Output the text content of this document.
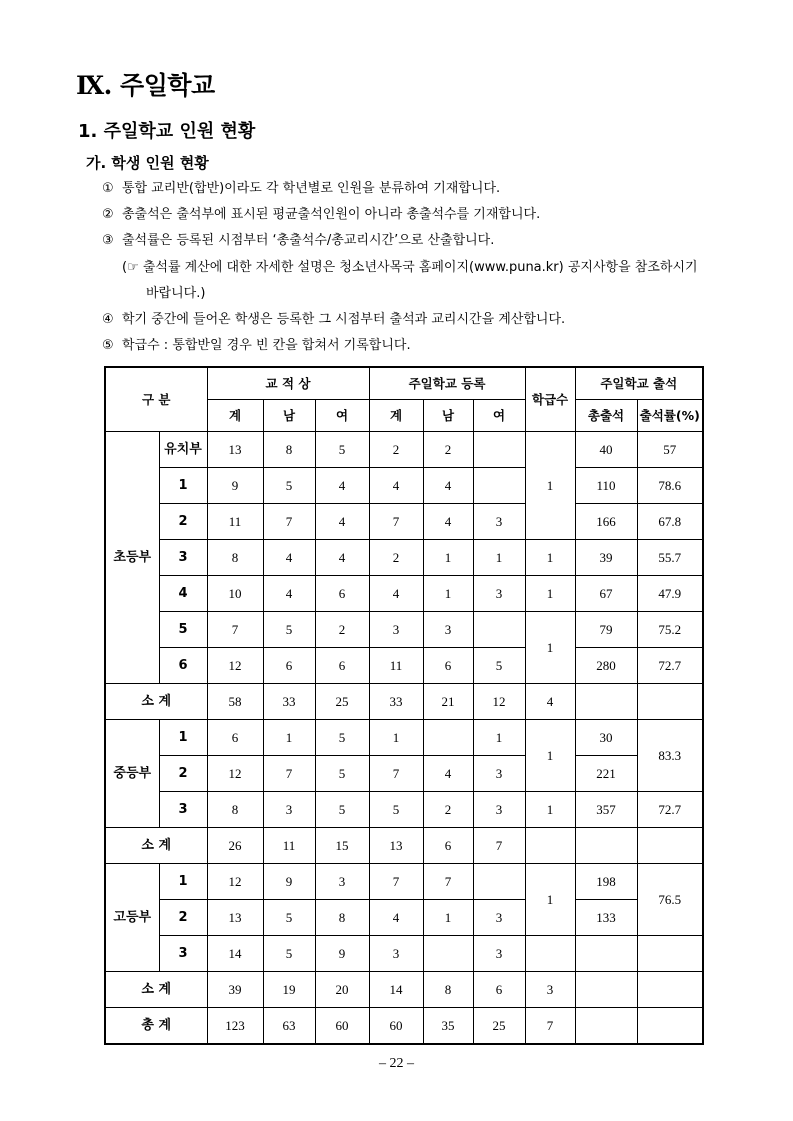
Ⅸ. 주일학교
1. 주일학교 인원 현황
가. 학생 인원 현황
① 통합 교리반(합반)이라도 각 학년별로 인원을 분류하여 기재합니다.
② 총출석은 출석부에 표시된 평균출석인원이 아니라 총출석수를 기재합니다.
③ 출석률은 등록된 시점부터 ‘총출석수/총교리시간’으로 산출합니다.
(☞ 출석률 계산에 대한 자세한 설명은 청소년사목국 홈페이지(www.puna.kr) 공지사항을 참조하시기
바랍니다.)
④ 학기 중간에 들어온 학생은 등록한 그 시점부터 출석과 교리시간을 계산합니다.
⑤ 학급수 : 통합반일 경우 빈 칸을 합쳐서 기록합니다.
구 분		교 적 상			주일학교 등록			학급수	주일학교 출석	
		계	남	여	계	남	여		총출석	출석률(%)
초등부	유치부	13	8	5	2	2		1	40	57
	1	9	5	4	4	4			110	78.6
	2	11	7	4	7	4	3		166	67.8
	3	8	4	4	2	1	1	1	39	55.7
	4	10	4	6	4	1	3	1	67	47.9
	5	7	5	2	3	3		1	79	75.2
	6	12	6	6	11	6	5		280	72.7
소 계		58	33	25	33	21	12	4		
중등부	1	6	1	5	1		1	1	30	83.3
	2	12	7	5	7	4	3		221	
	3	8	3	5	5	2	3	1	357	72.7
소 계		26	11	15	13	6	7			
고등부	1	12	9	3	7	7		1	198	76.5
	2	13	5	8	4	1	3		133	
	3	14	5	9	3		3			
소 계		39	19	20	14	8	6	3		
총 계		123	63	60	60	35	25	7		
– 22 –
